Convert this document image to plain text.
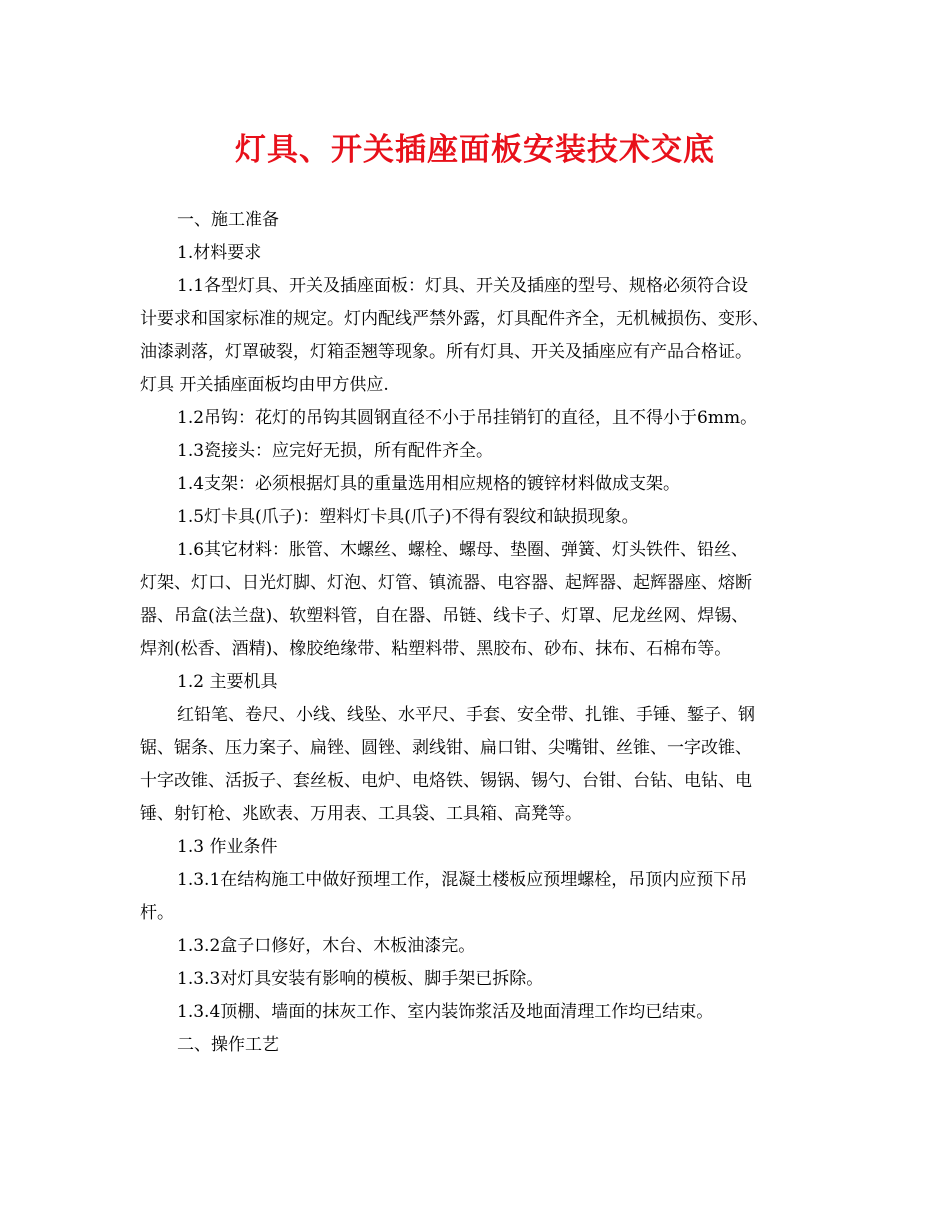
灯具、开关插座面板安装技术交底

一、施工准备

1.材料要求

1.1各型灯具、开关及插座面板：灯具、开关及插座的型号、规格必须符合设

计要求和国家标准的规定。灯内配线严禁外露，灯具配件齐全，无机械损伤、变形、

油漆剥落，灯罩破裂，灯箱歪翘等现象。所有灯具、开关及插座应有产品合格证。

灯具 开关插座面板均由甲方供应.

1.2吊钩：花灯的吊钩其圆钢直径不小于吊挂销钉的直径，且不得小于6mm。

1.3瓷接头：应完好无损，所有配件齐全。

1.4支架：必须根据灯具的重量选用相应规格的镀锌材料做成支架。

1.5灯卡具(爪子)：塑料灯卡具(爪子)不得有裂纹和缺损现象。

1.6其它材料：胀管、木螺丝、螺栓、螺母、垫圈、弹簧、灯头铁件、铅丝、

灯架、灯口、日光灯脚、灯泡、灯管、镇流器、电容器、起辉器、起辉器座、熔断

器、吊盒(法兰盘)、软塑料管，自在器、吊链、线卡子、灯罩、尼龙丝网、焊锡、

焊剂(松香、酒精)、橡胶绝缘带、粘塑料带、黑胶布、砂布、抹布、石棉布等。

1.2 主要机具

红铅笔、卷尺、小线、线坠、水平尺、手套、安全带、扎锥、手锤、錾子、钢

锯、锯条、压力案子、扁锉、圆锉、剥线钳、扁口钳、尖嘴钳、丝锥、一字改锥、

十字改锥、活扳子、套丝板、电炉、电烙铁、锡锅、锡勺、台钳、台钻、电钻、电

锤、射钉枪、兆欧表、万用表、工具袋、工具箱、高凳等。

1.3 作业条件

1.3.1在结构施工中做好预埋工作，混凝土楼板应预埋螺栓，吊顶内应预下吊

杆。

1.3.2盒子口修好，木台、木板油漆完。

1.3.3对灯具安装有影响的模板、脚手架已拆除。

1.3.4顶棚、墙面的抹灰工作、室内装饰浆活及地面清理工作均已结束。

二、操作工艺
